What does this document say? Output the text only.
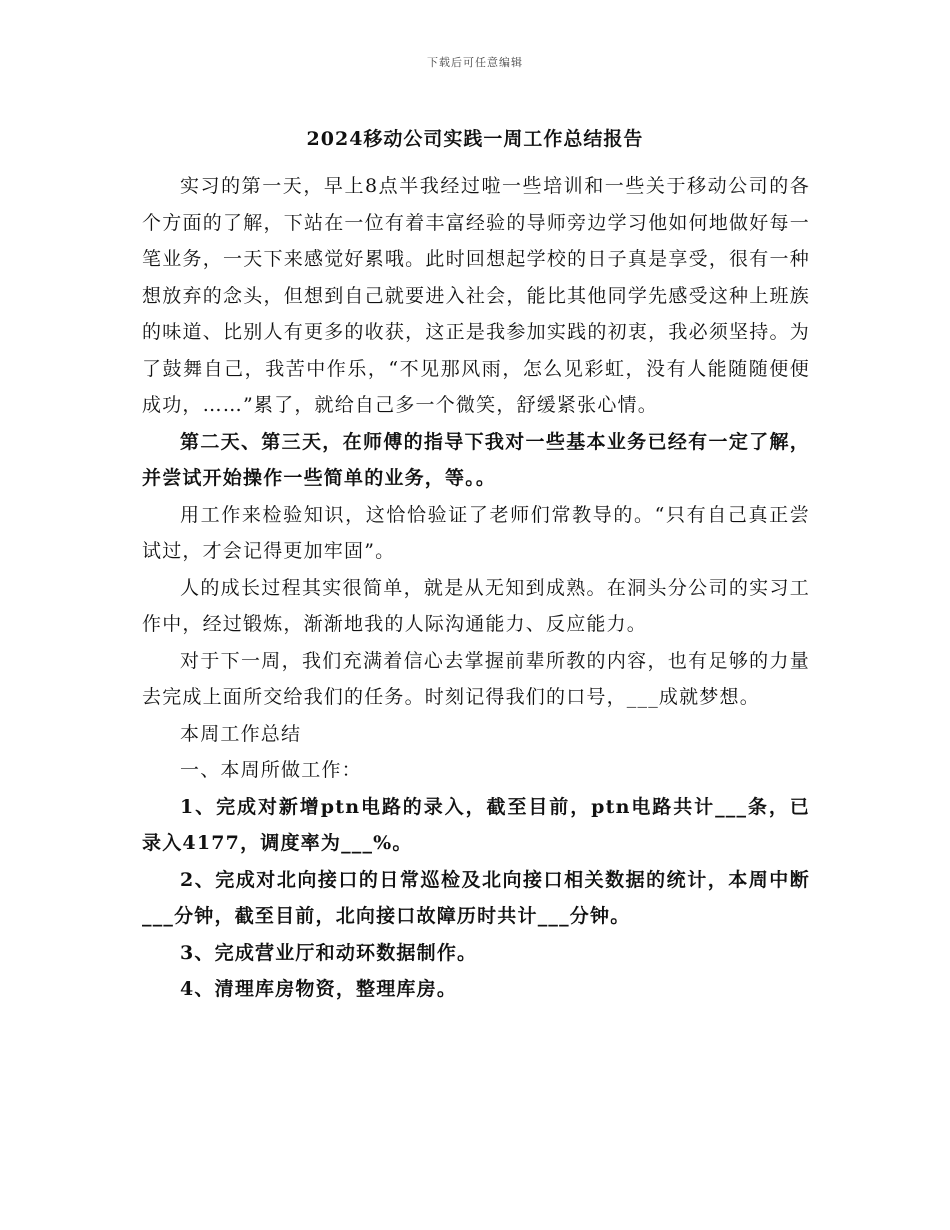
下载后可任意编辑
2024移动公司实践一周工作总结报告

实习的第一天，早上8点半我经过啦一些培训和一些关于移动公司的各个方面的了解，下站在一位有着丰富经验的导师旁边学习他如何地做好每一笔业务，一天下来感觉好累哦。此时回想起学校的日子真是享受，很有一种想放弃的念头，但想到自己就要进入社会，能比其他同学先感受这种上班族的味道、比别人有更多的收获，这正是我参加实践的初衷，我必须坚持。为了鼓舞自己，我苦中作乐，“不见那风雨，怎么见彩虹，没有人能随随便便成功，……”累了，就给自己多一个微笑，舒缓紧张心情。

第二天、第三天，在师傅的指导下我对一些基本业务已经有一定了解，并尝试开始操作一些简单的业务，等。。

用工作来检验知识，这恰恰验证了老师们常教导的。“只有自己真正尝试过，才会记得更加牢固”。

人的成长过程其实很简单，就是从无知到成熟。在洞头分公司的实习工作中，经过锻炼，渐渐地我的人际沟通能力、反应能力。

对于下一周，我们充满着信心去掌握前辈所教的内容，也有足够的力量去完成上面所交给我们的任务。时刻记得我们的口号，___成就梦想。

本周工作总结

一、本周所做工作：

1、完成对新增ptn电路的录入，截至目前，ptn电路共计___条，已录入4177，调度率为___%。

2、完成对北向接口的日常巡检及北向接口相关数据的统计，本周中断___分钟，截至目前，北向接口故障历时共计___分钟。

3、完成营业厅和动环数据制作。

4、清理库房物资，整理库房。
